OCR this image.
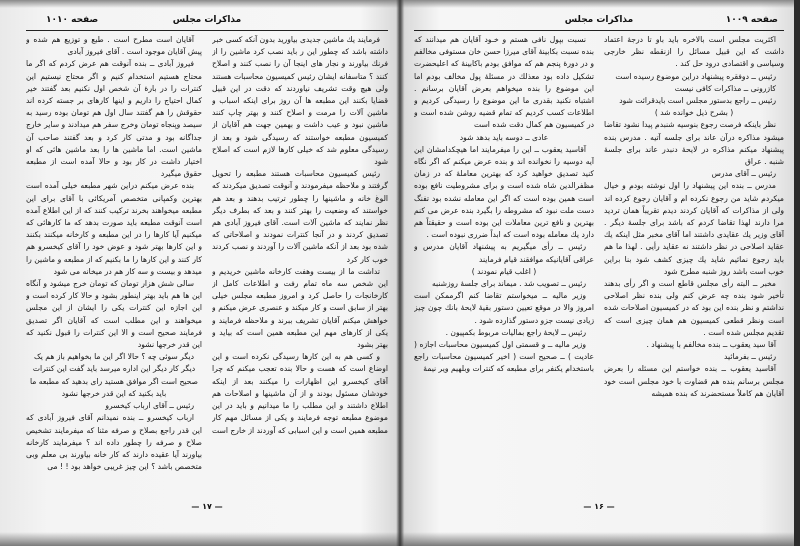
مذاکرات مجلس
صفحه ۱۰۱۰

فرمایند یك ماشین جدیدی بیاورید بدون آنکه کسی خبر داشته باشد که چطور این ر باید نصب کرد ماشین را از فرنك بیاورند و نجار های اینجا آن را نصب کنند و اصلاح کنند ؟ متاسفانه ایشان رئیس کمیسیون محاسبات هستند ولی هیچ وقت تشریف نیاوردند که دقت در این قبیل قضایا بکنند این مطبعه ها آن روز برای اینکه اسباب و ماشین آلات را مرمت و اصلاح کنند و بهتر چاپ کنند ماشین نبود و عیب داشت و بهمین جهت هم آقایان از کمیسیون مطبعه خواستند که رسیدگی شود و بعد از رسیدگی معلوم شد که خیلی کارها لازم است که اصلاح شود

رئیس کمیسیون محاسبات هستند مطبعه را تحویل گرفتند و ملاحظه میفرمودند و آنوقت تصدیق میکردند که الوغ خانه و ماشینها را چطور ترتیب بدهند و بعد هم خواستند که وضعیت را بهتر کنند و بعد که بطرف دیگر نظر نمایند که ماشین آلات است. آقای فیروز آبادی هم تصدیق کردند و در آنجا کنترات نمودند و اصلاحاتی که شده بود بعد از آنکه ماشین آلات را آوردند و نصب کردند خوب کار کرد

تداشت ما از بیست وهفت کارخانه ماشین خریدیم و این شخص سه ماه تمام رفت و اطلاعات کامل از کارخانجات را حاصل کرد و امروز مطبعه مجلس خیلی بهتر از سابق است و کار میکند و عنصری عرض میکنم و خواهش میکنم آقایان تشریف ببرند و ملاحظه فرمایند و یکی از کارهای مهم این مطبعه همین است که بیاید و بهتر بشود

و کسی هم به این کارها رسیدگی نکرده است و این اوضاع است که هست و حالا بنده تعجب میکنم که چرا آقای کیخسرو این اظهارات را میکنند بعد از اینکه خودشان مسئول بودند و از آن ماشینها و اصلاحات هم اطلاع داشتند و این مطلب را ما میدانیم و باید در این موضوع مطبعه توجه فرمایند و یکی از مسائل مهم کار مطبعه همین است و این اسبابی که آوردند از خارج است

آقایان است مطرح است . طبع و توزیع هم شده و پیش آقایان موجود است . آقای فیروز آبادی

فیروز آبادی ــ بنده آنوقت هم عرض کردم که اگر ما محتاج هستیم استخدام کنیم و اگر محتاج نیستیم این کنترات را در بارهٔ آن شخص اول نکنیم بعد گفتند خیر کمال احتیاج را داریم و اینها کارهای بر جسته کرده اند حقوقش را هم گفتند سال اول هم تومان بوده رسید به سیصد وپنجاه تومان وخرج سفر هم میدادند و سایر خارج جداگانه بود و مدتی کار کرد و بعد گفتند صاحب آن ماشین است. اما ماشین ها را بعد ماشین هائی که او اختیار داشت در کار بود و حالا آمده است از مطبعه حقوق میگیرد

بنده عرض میکنم دراین شهر مطبعه خیلی آمده است بهترین وکمپانی متخصص آمریکائی با آقای برای این مطبعه میخواهند بخرند ترکیب کنند که از این اطلاع آمده است آنوقت مطبعه باید صورت بدهد که ما کارهائی که میکنیم آیا کارها را در این مطبعه و کارخانه میکنند بکنند و این کارها بهتر شود و عوض خود را آقای کیخسرو هم کار کنند و این کارها را ما بکنیم که از مطبعه و ماشین را میدهد و بیست و سه کار هم در میخانه می شود

سالی شش هزار تومان که تومان خرج میشود و آنگاه این ها هم باید بهتر اینطور بشود و حالا کار کرده است و این اجازه این کنترات یکی را ایشان از این مجلس میخواهند و این مطلب است که آقایان اگر تصدیق فرمایند صحیح است و الا این کنترات را قبول نکنید که این قدر خرجها نشود

دیگر سوئی چه ؟ حالا اگر این ما بخواهیم باز هم یک دیگر کار دیگر این اداره میرسد باید گفت این کنترات صحیح است اگر موافق هستید رای بدهید که مطبعه ما باید بکنید که این قدر خرجها نشود

رئیس ــ آقای ارباب کیخسرو

ارباب کیخسرو ــ بنده نمیدانم آقای فیروز آبادی که این قدر راجع بصلاح و صرفه مثنا که میفرمایند تشخیص صلاح و صرفه را چطور داده اند ؟ میفرمایند کارخانه بیاورند آیا عقیده دارند که کار خانه بیاورند بی معلم وبی متخصص باشد ؟ این چیز غریبی خواهد بود ! ! می

— ۱۷ —
مذاکرات مجلس	صفحه ۱۰۰۹

اکثریت مجلس است بالاخره باید باو تا درجهٔ اعتماد داشت که این قبیل مسائل را ازنقطه نظر خارجی وسیاسی و اقتصادی درود حل کند .

رئیس ــ دوفقره پیشنهاد دراین موضوع رسیده است

کازرونی ــ مذاکرات کافی نیست

رئیس ــ راجع بدستور مجلس است بایدقرائت شود

( بشرح ذیل خوانده شد )

نظر باینکه فرصت رجوع بنوسیه شنبدم پیدا نشود تقاضا میشود مذاکره درآن عاند برای جلسه آتیه . مدرس بنده پیشنهاد میکنم مذاکره در لایحهٔ دنبدر عاند برای جلسهٔ شنبه . عراق

رئیس ــ آقای مدرس

مدرس ــ بنده این پیشنهاد را اول نوشته بودم و خیال میکردم شاید من رجوع نکرده ام و آقایان رجوع کرده اند ولی از مذاکرات که آقایان کردند دیدم تقریباً همان تردید مرا دارند لهذا تقاضا کردم که باشد برای جلسهٔ دیگر . آقای وزیر یك عقایدی داشتند اما آقای مخبر مثل اینکه یك عقاید اصلاحی در نظر داشتند نه عقاید رأیی . لهذا ما هم باید رجوع نمائیم شاید یك چیزی کشف شود بنا براین خوب است باشد روز شنبه مطرح شود

مخبر ــ البته رأی مجلس قاطع است و اگر رأی بدهند تأخیر شود بنده چه عرض کنم ولی بنده نظر اصلاحی نداشتم و نظر بنده این بود که در کمیسیون اصلاحات شده است ونظر قطعی کمیسیون هم همان چیزی است که تقدیم مجلس شده است .

آقا سید یعقوب ــ بنده مخالفم با پیشنهاد .

رئیس ــ بفرمائید

آقاسید یعقوب ــ بنده خواستم این مسئله را بعرض مجلس برسانم بنده هم قضاوت با خود مجلس است خود آقایان هم کاملاً مستحضرند که بنده همیشه

نسبت بپول نافی هستم و خـود آقایان هم میدانند که بنده نسبت بکابینهٔ آقای میرزا حسن خان مستوفی مخالفم و در دورهٔ پنجم هم که موافق بودم باکابینهٔ که اعلیحضرت تشکیل داده بود معذلك در مسئلهٔ پول مخالف بودم اما این موضوع را بنده میخواهم بعرض آقایان برسانم . اشتباه نکنید بقدری ما این موضوع را رسیدگی کردیم و اطلاعات کسب کردیم که تمام قضیه روشن شده است و در کمیسیون هم کمال دقت شده است

عادی ــ دوسه باید بدهد شود

آقاسید یعقوب ــ این را میفرمایند اما هیچکدامشان این آیه دوسیه را نخوانده اند و بنده عرض میکنم که اگر نگاه کنید تصدیق خواهید کرد که بهترین معاملهٔ که در زمان مظفرالدین شاه شده است و برای مشروطیت نافع بوده است همین بوده است که اگر این معامله نشده بود تفنگ دست ملت نبود که مشروطه را بگیرد بنده عرض می کنم بهترین و نافع ترین معاملات این بوده است و حقیقتاً هم دارد یك معامله بوده است که ابداً ضرری نبوده است .

رئیس ــ رأی میگیریم به پیشنهاد آقایان مدرس و عراقی آقایانیکه موافقند قیام فرمایند

( اغلب قیام نمودند )

رئیس ــ تصویب شد . میماند برای جلسهٔ روزشنبه

وزیر مالیه ــ میخواستم تقاضا کنم اگرممکن است امروز والا در موقع تعیین دستور بقیهٔ لایحهٔ بانك چون چیز زیادی نیست جزو دستور گذارده شود .

رئیس ــ لایحهٔ راجع بمالیات مربوط بکمپیون .

وزیر مالیه ــ و قسمتی اول کمیسیون محاسبات اجازه ( عادیت ) ــ صحیح است ( اخیر کمیسیون محاسبات راجع باستخدام یکنفر برای مطبعه که کنترات وبلهیم ویر نیمهٔ

— ۱۶ —
